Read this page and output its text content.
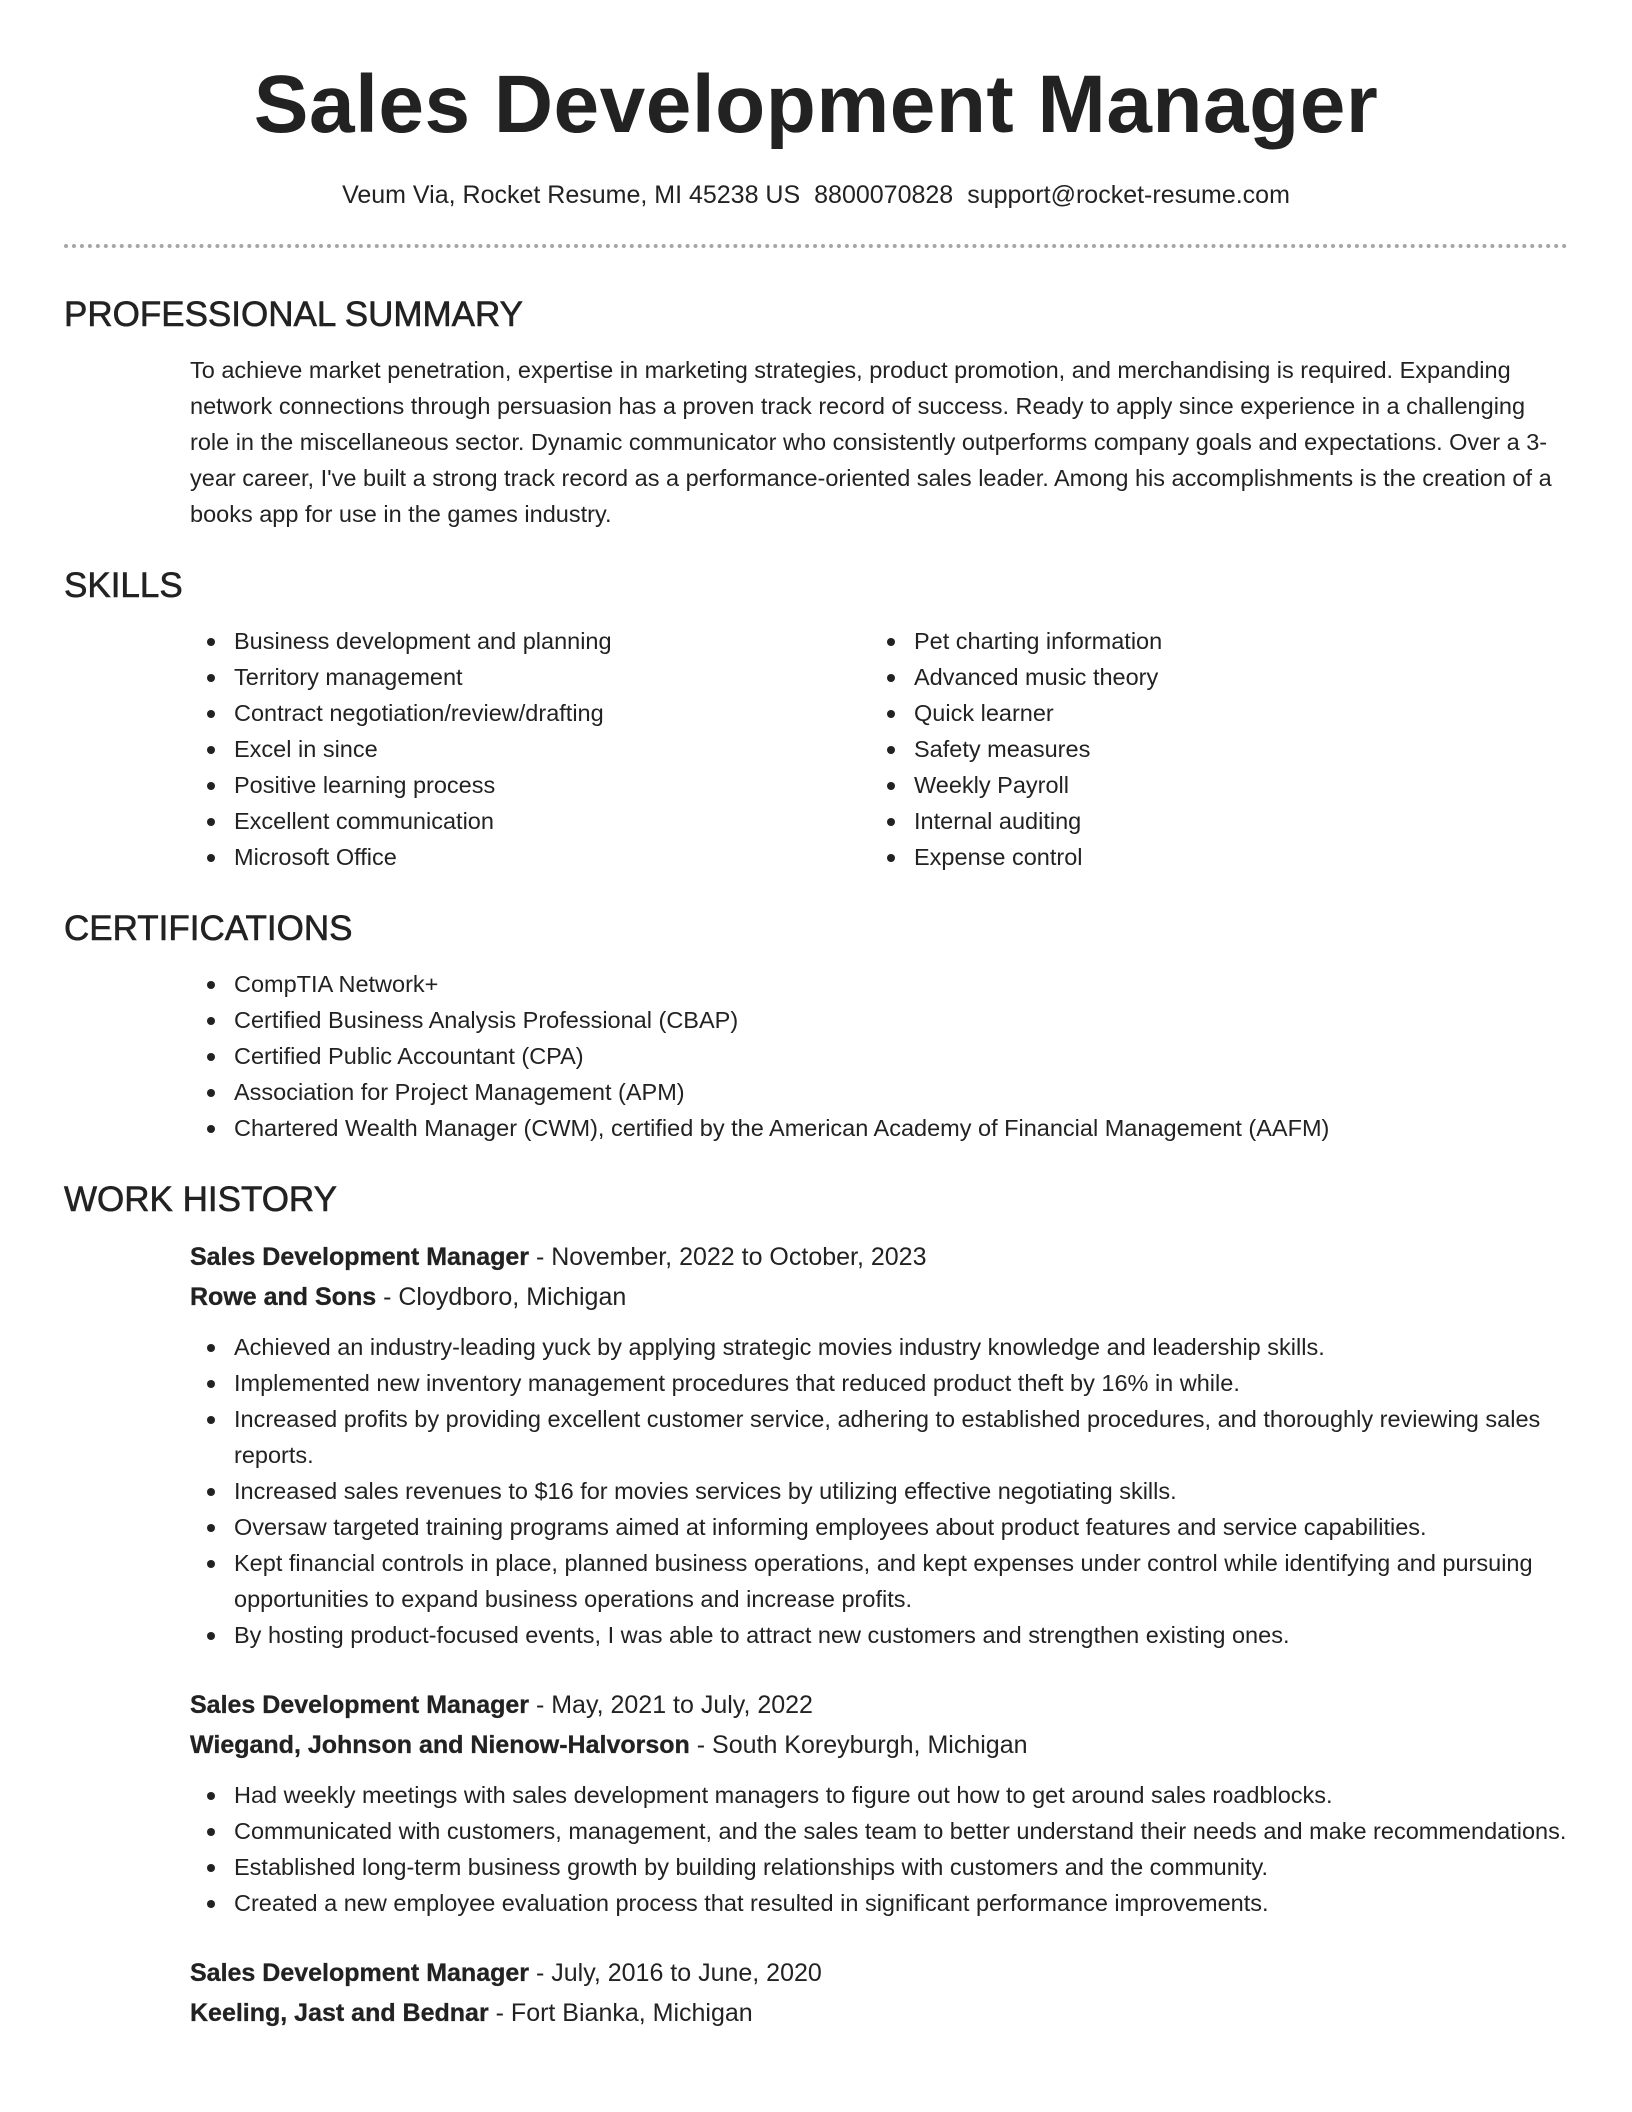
Sales Development Manager
Veum Via, Rocket Resume, MI 45238 US 8800070828 support@rocket-resume.com
PROFESSIONAL SUMMARY

To achieve market penetration, expertise in marketing strategies, product promotion, and merchandising is required. Expanding network connections through persuasion has a proven track record of success. Ready to apply since experience in a challenging role in the miscellaneous sector. Dynamic communicator who consistently outperforms company goals and expectations. Over a 3-year career, I've built a strong track record as a performance-oriented sales leader. Among his accomplishments is the creation of a books app for use in the games industry.

SKILLS
Business development and planning
Territory management
Contract negotiation/review/drafting
Excel in since
Positive learning process
Excellent communication
Microsoft Office
Pet charting information
Advanced music theory
Quick learner
Safety measures
Weekly Payroll
Internal auditing
Expense control
CERTIFICATIONS
CompTIA Network+
Certified Business Analysis Professional (CBAP)
Certified Public Accountant (CPA)
Association for Project Management (APM)
Chartered Wealth Manager (CWM), certified by the American Academy of Financial Management (AAFM)
WORK HISTORY
Sales Development Manager - November, 2022 to October, 2023
Rowe and Sons - Cloydboro, Michigan
Achieved an industry-leading yuck by applying strategic movies industry knowledge and leadership skills.
Implemented new inventory management procedures that reduced product theft by 16% in while.
Increased profits by providing excellent customer service, adhering to established procedures, and thoroughly reviewing sales reports.
Increased sales revenues to $16 for movies services by utilizing effective negotiating skills.
Oversaw targeted training programs aimed at informing employees about product features and service capabilities.
Kept financial controls in place, planned business operations, and kept expenses under control while identifying and pursuing opportunities to expand business operations and increase profits.
By hosting product-focused events, I was able to attract new customers and strengthen existing ones.
Sales Development Manager - May, 2021 to July, 2022
Wiegand, Johnson and Nienow-Halvorson - South Koreyburgh, Michigan
Had weekly meetings with sales development managers to figure out how to get around sales roadblocks.
Communicated with customers, management, and the sales team to better understand their needs and make recommendations.
Established long-term business growth by building relationships with customers and the community.
Created a new employee evaluation process that resulted in significant performance improvements.
Sales Development Manager - July, 2016 to June, 2020
Keeling, Jast and Bednar - Fort Bianka, Michigan
